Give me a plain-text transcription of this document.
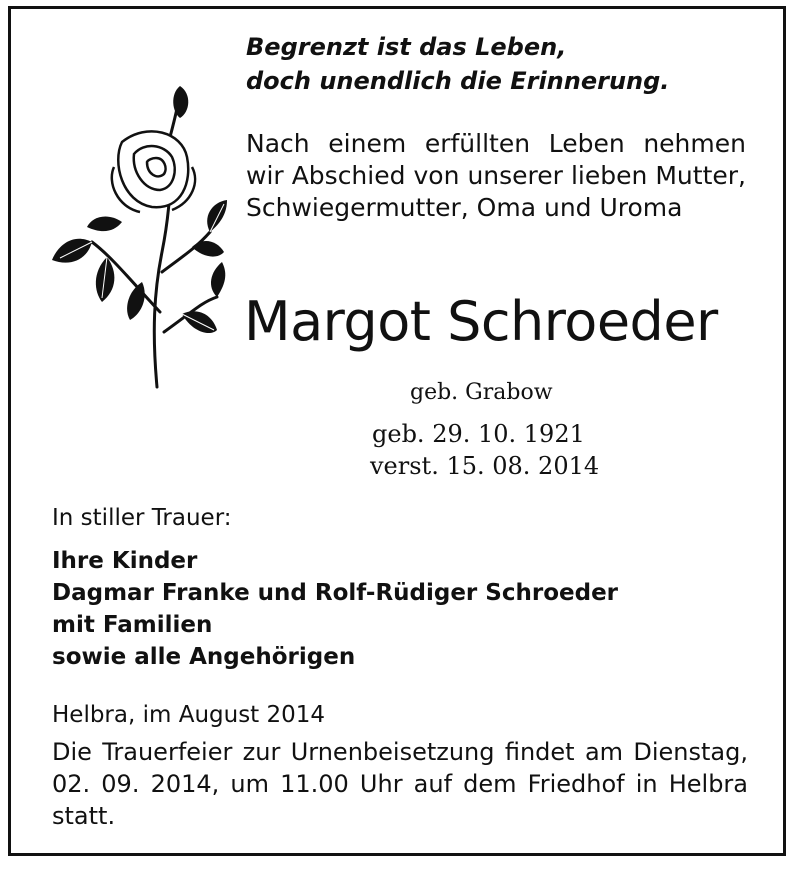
Begrenzt ist das Leben,
doch unendlich die Erinnerung.
Nach einem erfüllten Leben nehmen wir Abschied von unserer lieben Mutter, Schwiegermutter, Oma und Uroma
Margot Schroeder
geb. Grabow
geb. 29. 10. 1921
verst. 15. 08. 2014
In stiller Trauer:
Ihre Kinder
Dagmar Franke und Rolf-Rüdiger Schroeder
mit Familien
sowie alle Angehörigen
Helbra, im August 2014
Die Trauerfeier zur Urnenbeisetzung findet am Dienstag, 02. 09. 2014, um 11.00 Uhr auf dem Friedhof in Helbra statt.
